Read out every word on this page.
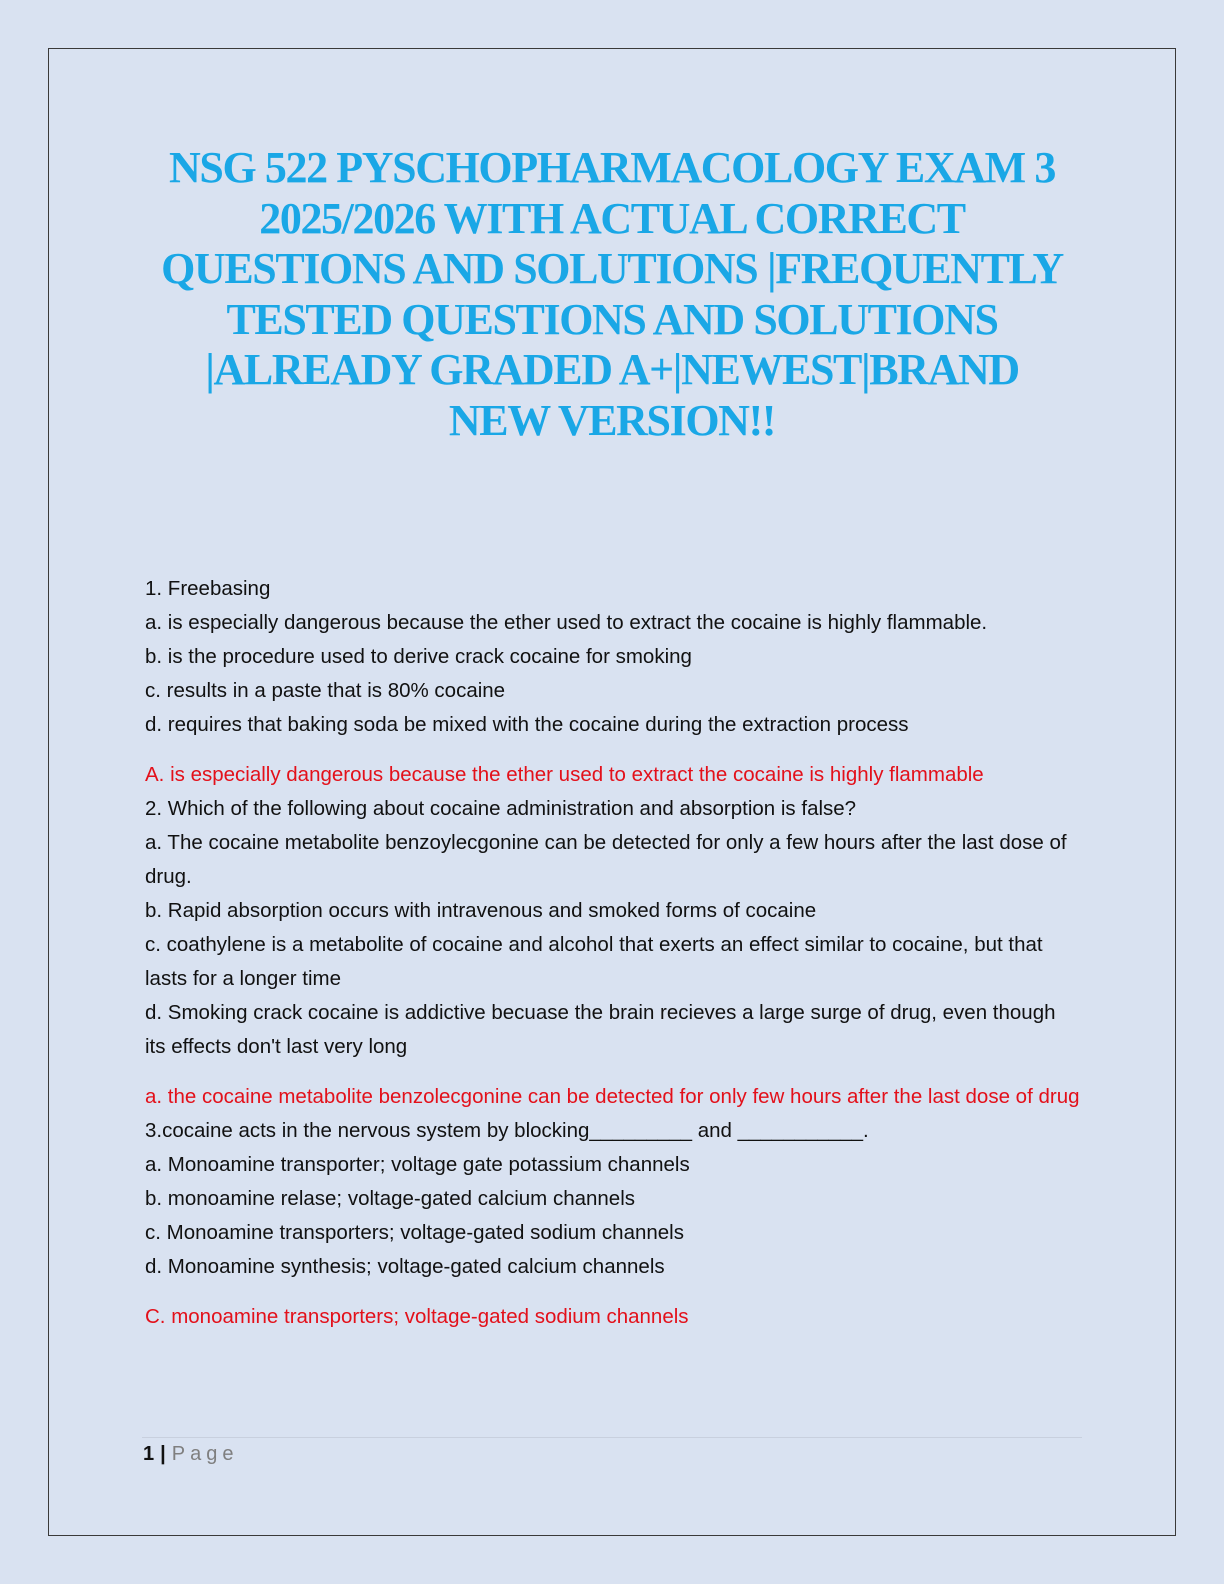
NSG 522 PYSCHOPHARMACOLOGY EXAM 3
2025/2026 WITH ACTUAL CORRECT
QUESTIONS AND SOLUTIONS |FREQUENTLY
TESTED QUESTIONS AND SOLUTIONS
|ALREADY GRADED A+|NEWEST|BRAND
NEW VERSION!!

1. Freebasing

a. is especially dangerous because the ether used to extract the cocaine is highly flammable.

b. is the procedure used to derive crack cocaine for smoking

c. results in a paste that is 80% cocaine

d. requires that baking soda be mixed with the cocaine during the extraction process

A. is especially dangerous because the ether used to extract the cocaine is highly flammable

2. Which of the following about cocaine administration and absorption is false?

a. The cocaine metabolite benzoylecgonine can be detected for only a few hours after the last dose of drug.

b. Rapid absorption occurs with intravenous and smoked forms of cocaine

c. coathylene is a metabolite of cocaine and alcohol that exerts an effect similar to cocaine, but that lasts for a longer time

d. Smoking crack cocaine is addictive becuase the brain recieves a large surge of drug, even though its effects don't last very long

a. the cocaine metabolite benzolecgonine can be detected for only few hours after the last dose of drug

3.cocaine acts in the nervous system by blocking_________ and ___________.

a. Monoamine transporter; voltage gate potassium channels

b. monoamine relase; voltage-gated calcium channels

c. Monoamine transporters; voltage-gated sodium channels

d. Monoamine synthesis; voltage-gated calcium channels

C. monoamine transporters; voltage-gated sodium channels

1 | Page
